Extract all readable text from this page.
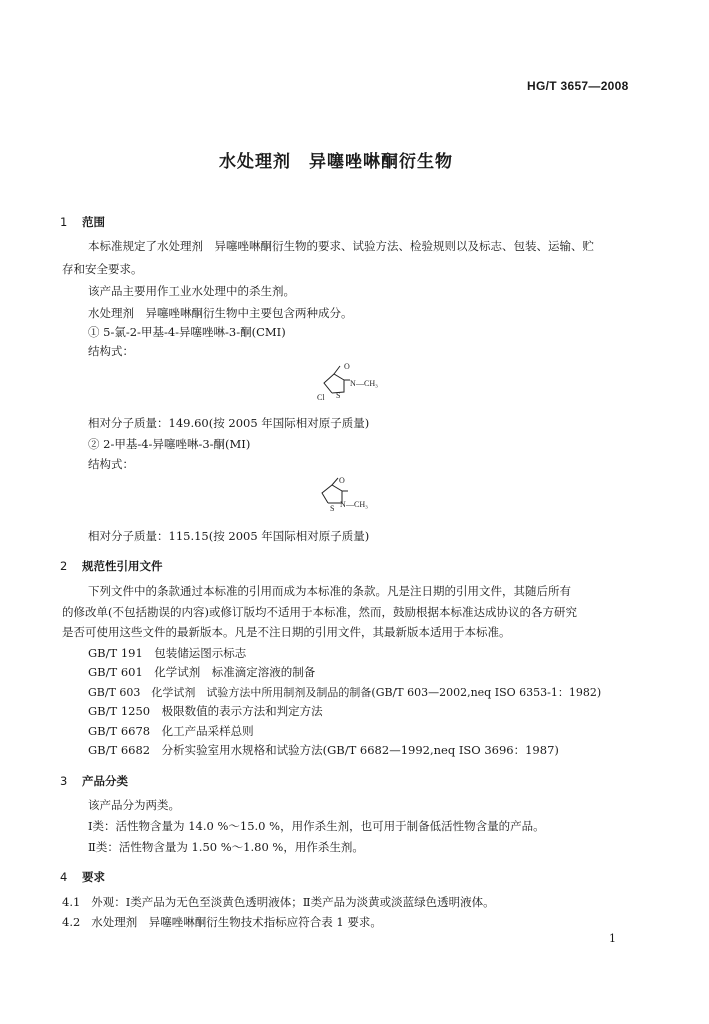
HG/T 3657—2008
水处理剂　异噻唑啉酮衍生物
1 范围
本标准规定了水处理剂　异噻唑啉酮衍生物的要求、试验方法、检验规则以及标志、包装、运输、贮
存和安全要求。
该产品主要用作工业水处理中的杀生剂。
水处理剂　异噻唑啉酮衍生物中主要包含两种成分。
① 5-氯-2-甲基-4-异噻唑啉-3-酮(CMI)
结构式：
O
N —CH₃
S
Cl
相对分子质量：149.60(按 2005 年国际相对原子质量)
② 2-甲基-4-异噻唑啉-3-酮(MI)
结构式：
O
N —CH₃
S
相对分子质量：115.15(按 2005 年国际相对原子质量)
2 规范性引用文件
下列文件中的条款通过本标准的引用而成为本标准的条款。凡是注日期的引用文件，其随后所有
的修改单(不包括勘误的内容)或修订版均不适用于本标准，然而，鼓励根据本标准达成协议的各方研究
是否可使用这些文件的最新版本。凡是不注日期的引用文件，其最新版本适用于本标准。
GB/T 191　包装储运图示标志
GB/T 601　化学试剂　标准滴定溶液的制备
GB/T 603　化学试剂　试验方法中所用制剂及制品的制备(GB/T 603—2002,neq ISO 6353-1：1982)
GB/T 1250　极限数值的表示方法和判定方法
GB/T 6678　化工产品采样总则
GB/T 6682　分析实验室用水规格和试验方法(GB/T 6682—1992,neq ISO 3696：1987)
3 产品分类
该产品分为两类。
Ⅰ类：活性物含量为 14.0 %～15.0 %，用作杀生剂，也可用于制备低活性物含量的产品。
Ⅱ类：活性物含量为 1.50 %～1.80 %，用作杀生剂。
4 要求
4.1 外观：Ⅰ类产品为无色至淡黄色透明液体；Ⅱ类产品为淡黄或淡蓝绿色透明液体。
4.2 水处理剂　异噻唑啉酮衍生物技术指标应符合表 1 要求。
1
